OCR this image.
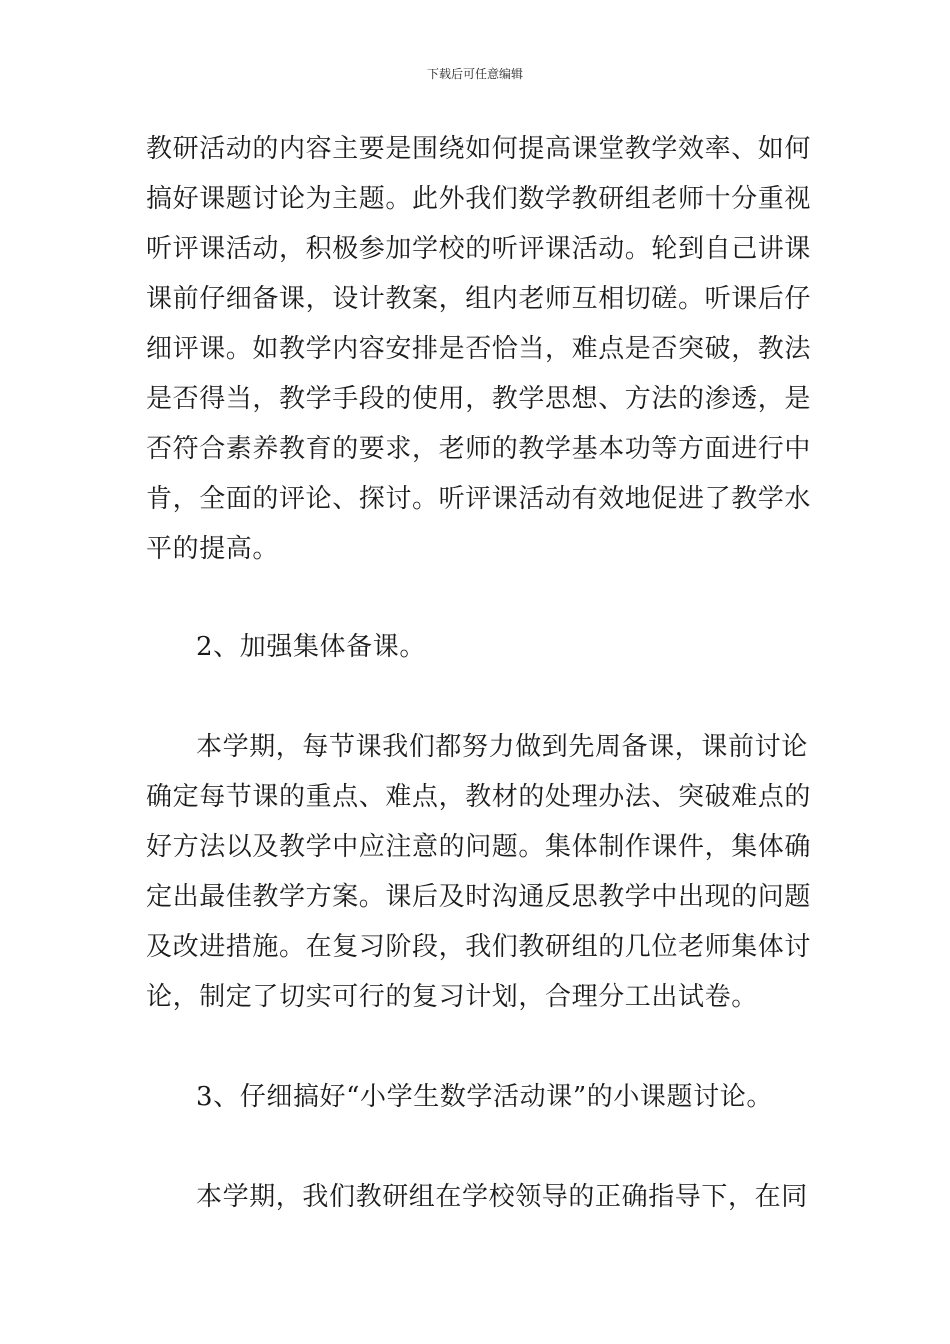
下载后可任意编辑
教研活动的内容主要是围绕如何提高课堂教学效率、如何
搞好课题讨论为主题。此外我们数学教研组老师十分重视
听评课活动，积极参加学校的听评课活动。轮到自己讲课
课前仔细备课，设计教案，组内老师互相切磋。听课后仔
细评课。如教学内容安排是否恰当，难点是否突破，教法
是否得当，教学手段的使用，教学思想、方法的渗透，是
否符合素养教育的要求，老师的教学基本功等方面进行中
肯，全面的评论、探讨。听评课活动有效地促进了教学水
平的提高。
2、加强集体备课。
本学期，每节课我们都努力做到先周备课，课前讨论
确定每节课的重点、难点，教材的处理办法、突破难点的
好方法以及教学中应注意的问题。集体制作课件，集体确
定出最佳教学方案。课后及时沟通反思教学中出现的问题
及改进措施。在复习阶段，我们教研组的几位老师集体讨
论，制定了切实可行的复习计划，合理分工出试卷。
3、仔细搞好“小学生数学活动课”的小课题讨论。
本学期，我们教研组在学校领导的正确指导下，在同
